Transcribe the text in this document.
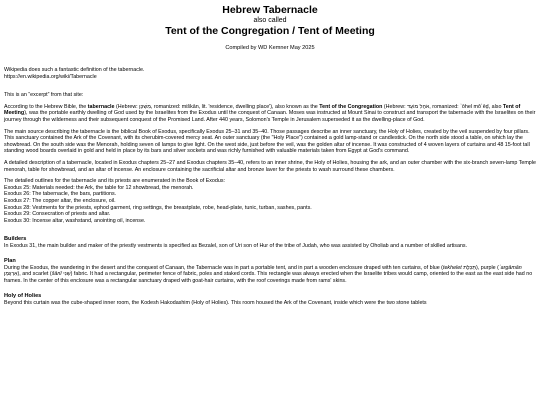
Hebrew Tabernacle
also called
Tent of the Congregation / Tent of Meeting
Compiled by WD Kemner May 2025

Wikipedia does such a fantastic definition of the tabernacle.

https://en.wikipedia.org/wiki/Tabernacle

This is an “excerpt” from that site:

According to the Hebrew Bible, the tabernacle (Hebrew: מִשְׁכָּן, romanized: miškān, lit. 'residence, dwelling place'), also known as the Tent of the Congregation (Hebrew: אֹהֶל מוֹעֵד, romanized: ʾōhel môʿēḏ, also Tent of Meeting), was the portable earthly dwelling of God used by the Israelites from the Exodus until the conquest of Canaan. Moses was instructed at Mount Sinai to construct and transport the tabernacle with the Israelites on their journey through the wilderness and their subsequent conquest of the Promised Land. After 440 years, Solomon's Temple in Jerusalem superseded it as the dwelling-place of God.

The main source describing the tabernacle is the biblical Book of Exodus, specifically Exodus 25–31 and 35–40. Those passages describe an inner sanctuary, the Holy of Holies, created by the veil suspended by four pillars. This sanctuary contained the Ark of the Covenant, with its cherubim-covered mercy seat. An outer sanctuary (the "Holy Place") contained a gold lamp-stand or candlestick. On the north side stood a table, on which lay the showbread. On the south side was the Menorah, holding seven oil lamps to give light. On the west side, just before the veil, was the golden altar of incense. It was constructed of 4 woven layers of curtains and 48 15-foot tall standing wood boards overlaid in gold and held in place by its bars and silver sockets and was richly furnished with valuable materials taken from Egypt at God's command.

A detailed description of a tabernacle, located in Exodus chapters 25–27 and Exodus chapters 35–40, refers to an inner shrine, the Holy of Holies, housing the ark, and an outer chamber with the six-branch seven-lamp Temple menorah, table for showbread, and an altar of incense. An enclosure containing the sacrificial altar and bronze laver for the priests to wash surround these chambers.

The detailed outlines for the tabernacle and its priests are enumerated in the Book of Exodus:

Exodus 25: Materials needed: the Ark, the table for 12 showbread, the menorah.

Exodus 26: The tabernacle, the bars, partitions.

Exodus 27: The copper altar, the enclosure, oil.

Exodus 28: Vestments for the priests, ephod garment, ring settings, the breastplate, robe, head-plate, tunic, turban, sashes, pants.

Exodus 29: Consecration of priests and altar.

Exodus 30: Incense altar, washstand, anointing oil, incense.

Builders

In Exodus 31, the main builder and maker of the priestly vestments is specified as Bezalel, son of Uri son of Hur of the tribe of Judah, who was assisted by Oholiab and a number of skilled artisans.

Plan

During the Exodus, the wandering in the desert and the conquest of Canaan, the Tabernacle was in part a portable tent, and in part a wooden enclosure draped with ten curtains, of blue (tekhelet תְּכֵלֶת), purple (ʾargāmān אַרְגָּמָן), and scarlet (šānî שָׁנִי) fabric. It had a rectangular, perimeter fence of fabric, poles and staked cords. This rectangle was always erected when the Israelite tribes would camp, oriented to the east as the east side had no frames. In the center of this enclosure was a rectangular sanctuary draped with goat-hair curtains, with the roof coverings made from rams' skins.

Holy of Holies

Beyond this curtain was the cube-shaped inner room, the Kodesh Hakodashim (Holy of Holies). This room housed the Ark of the Covenant, inside which were the two stone tablets
